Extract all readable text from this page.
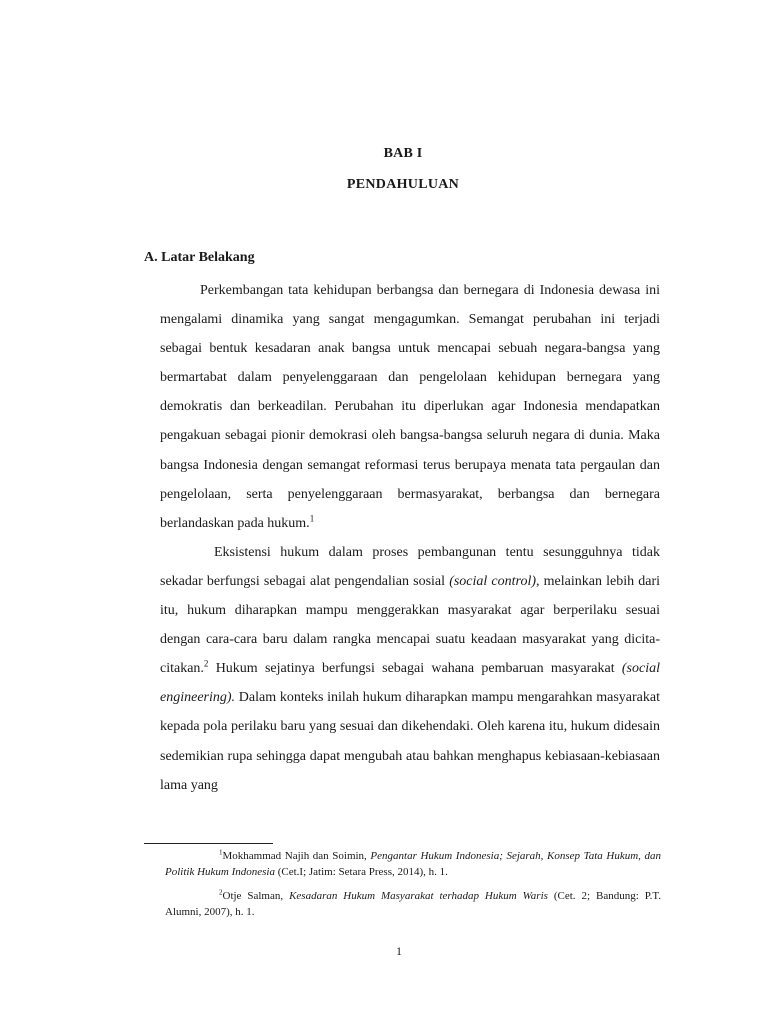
BAB I
PENDAHULUAN
A. Latar Belakang

Perkembangan tata kehidupan berbangsa dan bernegara di Indonesia dewasa ini mengalami dinamika yang sangat mengagumkan. Semangat perubahan ini terjadi sebagai bentuk kesadaran anak bangsa untuk mencapai sebuah negara-bangsa yang bermartabat dalam penyelenggaraan dan pengelolaan kehidupan bernegara yang demokratis dan berkeadilan. Perubahan itu diperlukan agar Indonesia mendapatkan pengakuan sebagai pionir demokrasi oleh bangsa-bangsa seluruh negara di dunia. Maka bangsa Indonesia dengan semangat reformasi terus berupaya menata tata pergaulan dan pengelolaan, serta penyelenggaraan bermasyarakat, berbangsa dan bernegara berlandaskan pada hukum.$^1$

Eksistensi hukum dalam proses pembangunan tentu sesungguhnya tidak sekadar berfungsi sebagai alat pengendalian sosial (social control), melainkan lebih dari itu, hukum diharapkan mampu menggerakkan masyarakat agar berperilaku sesuai dengan cara-cara baru dalam rangka mencapai suatu keadaan masyarakat yang dicita-citakan.$^2$ Hukum sejatinya berfungsi sebagai wahana pembaruan masyarakat (social engineering). Dalam konteks inilah hukum diharapkan mampu mengarahkan masyarakat kepada pola perilaku baru yang sesuai dan dikehendaki. Oleh karena itu, hukum didesain sedemikian rupa sehingga dapat mengubah atau bahkan menghapus kebiasaan-kebiasaan lama yang

$^1$Mokhammad Najih dan Soimin, Pengantar Hukum Indonesia; Sejarah, Konsep Tata Hukum, dan Politik Hukum Indonesia (Cet.I; Jatim: Setara Press, 2014), h. 1.

$^2$Otje Salman, Kesadaran Hukum Masyarakat terhadap Hukum Waris (Cet. 2; Bandung: P.T. Alumni, 2007), h. 1.

1
